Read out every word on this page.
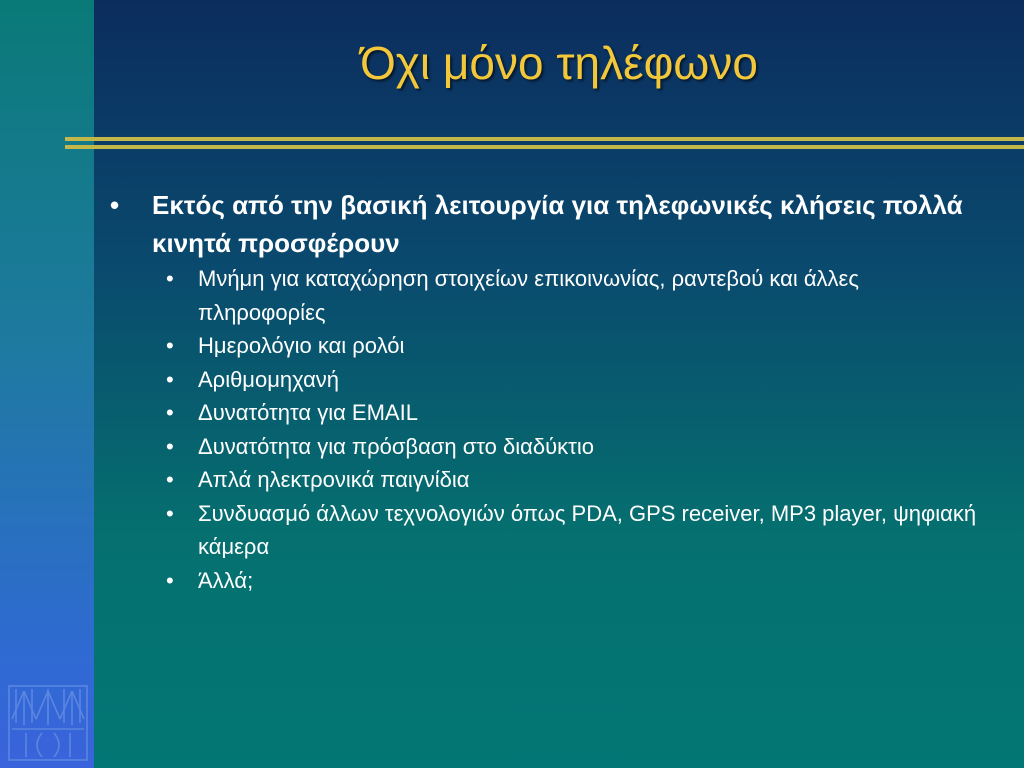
Όχι μόνο τηλέφωνο
• Εκτός από την βασική λειτουργία για τηλεφωνικές κλήσεις πολλά κινητά προσφέρουν
• Μνήμη για καταχώρηση στοιχείων επικοινωνίας, ραντεβού και άλλες πληροφορίες
• Ημερολόγιο και ρολόι
• Αριθμομηχανή
• Δυνατότητα για EMAIL
• Δυνατότητα για πρόσβαση στο διαδύκτιο
• Απλά ηλεκτρονικά παιγνίδια
• Συνδυασμό άλλων τεχνολογιών όπως PDA, GPS receiver, MP3 player, ψηφιακή κάμερα
• Άλλά;
